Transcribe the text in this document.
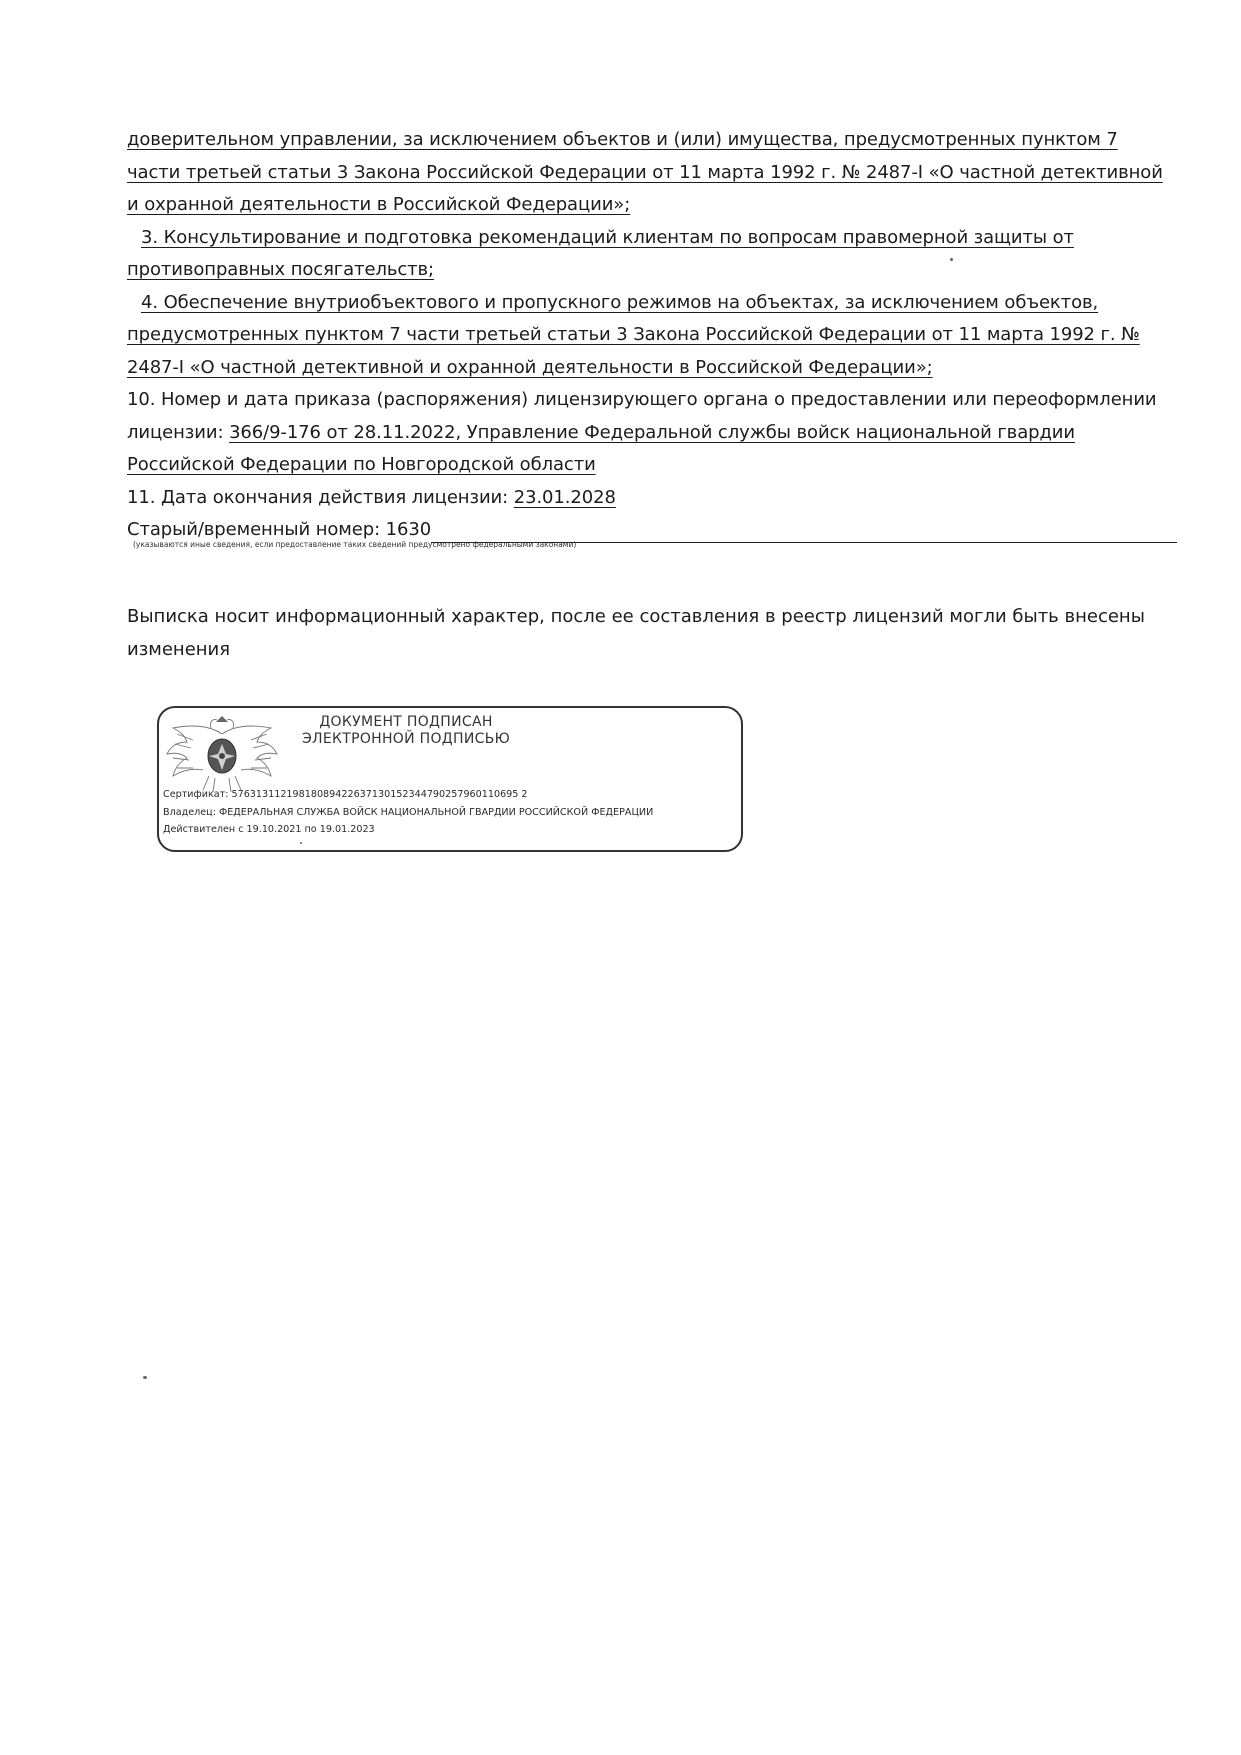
доверительном управлении, за исключением объектов и (или) имущества, предусмотренных пунктом 7
части третьей статьи 3 Закона Российской Федерации от 11 марта 1992 г. № 2487-I «О частной детективной
и охранной деятельности в Российской Федерации»;
3. Консультирование и подготовка рекомендаций клиентам по вопросам правомерной защиты от
противоправных посягательств;
4. Обеспечение внутриобъектового и пропускного режимов на объектах, за исключением объектов,
предусмотренных пунктом 7 части третьей статьи 3 Закона Российской Федерации от 11 марта 1992 г. №
2487-I «О частной детективной и охранной деятельности в Российской Федерации»;
10. Номер и дата приказа (распоряжения) лицензирующего органа о предоставлении или переоформлении
лицензии: 366/9-176 от 28.11.2022, Управление Федеральной службы войск национальной гвардии
Российской Федерации по Новгородской области
11. Дата окончания действия лицензии: 23.01.2028
Старый/временный номер: 1630
(указываются иные сведения, если предоставление таких сведений предусмотрено федеральными законами)
Выписка носит информационный характер, после ее составления в реестр лицензий могли быть внесены
изменения
ДОКУМЕНТ ПОДПИСАН
ЭЛЕКТРОННОЙ ПОДПИСЬЮ
Сертификат: 57631311219818089422637130152344790257960110695 2
Владелец: ФЕДЕРАЛЬНАЯ СЛУЖБА ВОЙСК НАЦИОНАЛЬНОЙ ГВАРДИИ РОССИЙСКОЙ ФЕДЕРАЦИИ
Действителен с 19.10.2021 по 19.01.2023
